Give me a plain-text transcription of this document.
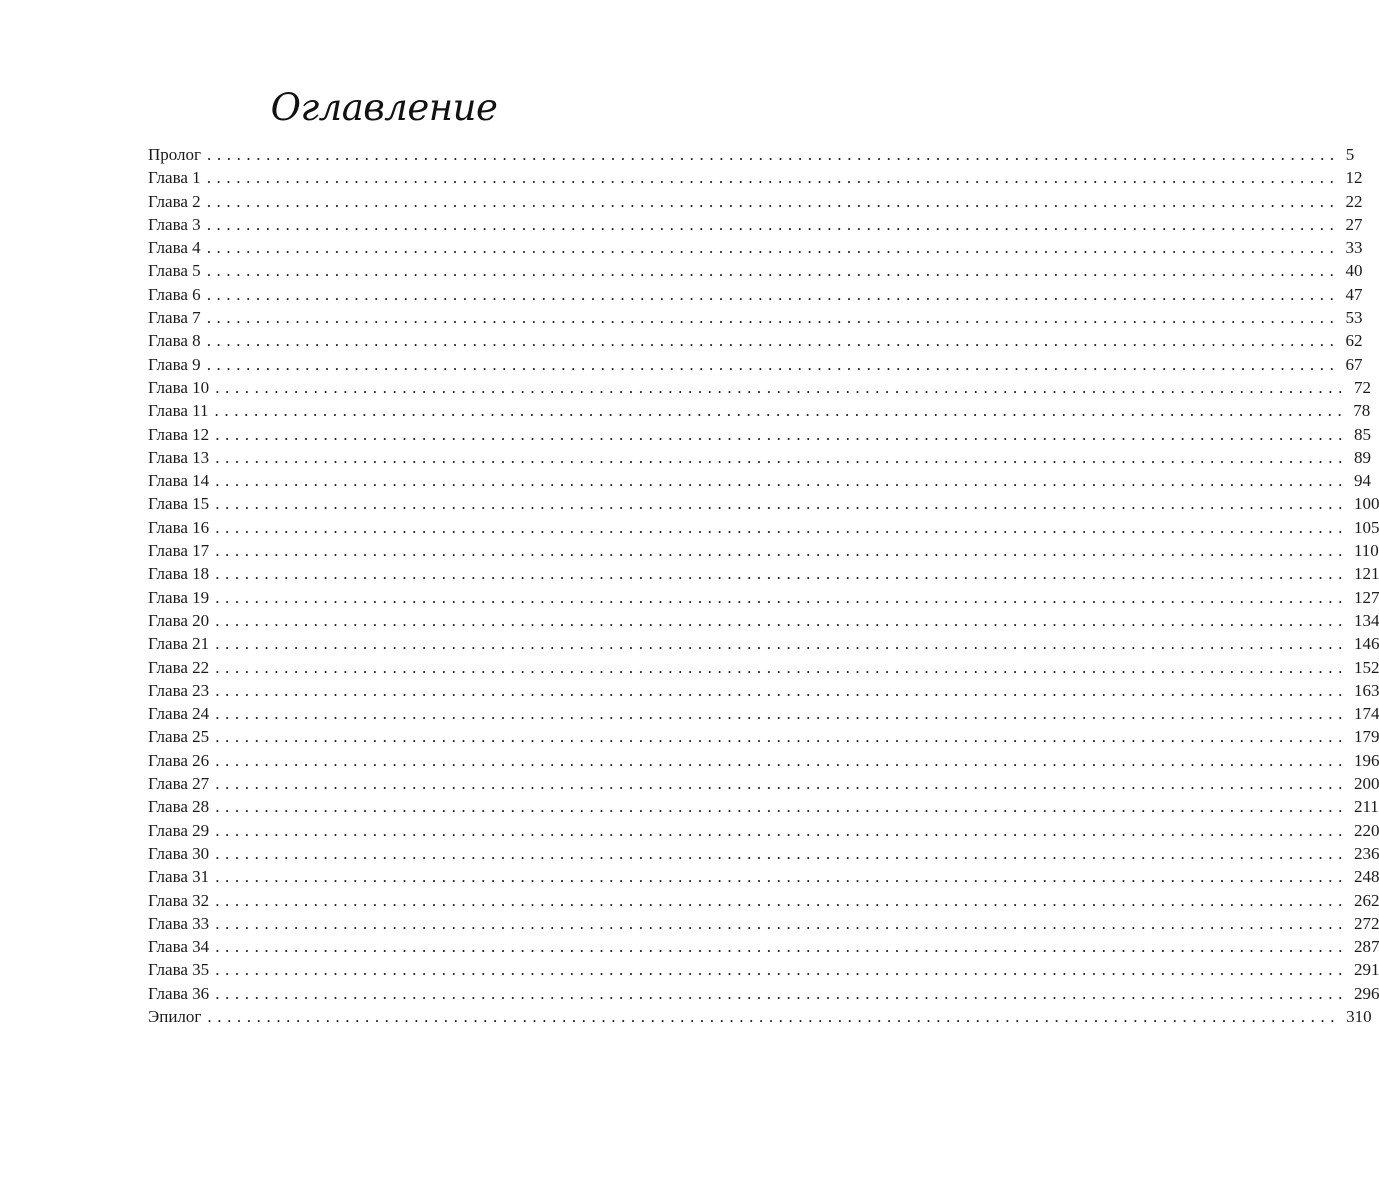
Оглавление
Пролог ................................................................................................................... 5
Глава 1 ................................................................................................................... 12
Глава 2 ................................................................................................................... 22
Глава 3 ................................................................................................................... 27
Глава 4 ................................................................................................................... 33
Глава 5 ................................................................................................................... 40
Глава 6 ................................................................................................................... 47
Глава 7 ................................................................................................................... 53
Глава 8 ................................................................................................................... 62
Глава 9 ................................................................................................................... 67
Глава 10 ................................................................................................................... 72
Глава 11 ................................................................................................................... 78
Глава 12 ................................................................................................................... 85
Глава 13 ................................................................................................................... 89
Глава 14 ................................................................................................................... 94
Глава 15 ................................................................................................................... 100
Глава 16 ................................................................................................................... 105
Глава 17 ................................................................................................................... 110
Глава 18 ................................................................................................................... 121
Глава 19 ................................................................................................................... 127
Глава 20 ................................................................................................................... 134
Глава 21 ................................................................................................................... 146
Глава 22 ................................................................................................................... 152
Глава 23 ................................................................................................................... 163
Глава 24 ................................................................................................................... 174
Глава 25 ................................................................................................................... 179
Глава 26 ................................................................................................................... 196
Глава 27 ................................................................................................................... 200
Глава 28 ................................................................................................................... 211
Глава 29 ................................................................................................................... 220
Глава 30 ................................................................................................................... 236
Глава 31 ................................................................................................................... 248
Глава 32 ................................................................................................................... 262
Глава 33 ................................................................................................................... 272
Глава 34 ................................................................................................................... 287
Глава 35 ................................................................................................................... 291
Глава 36 ................................................................................................................... 296
Эпилог ................................................................................................................... 310
